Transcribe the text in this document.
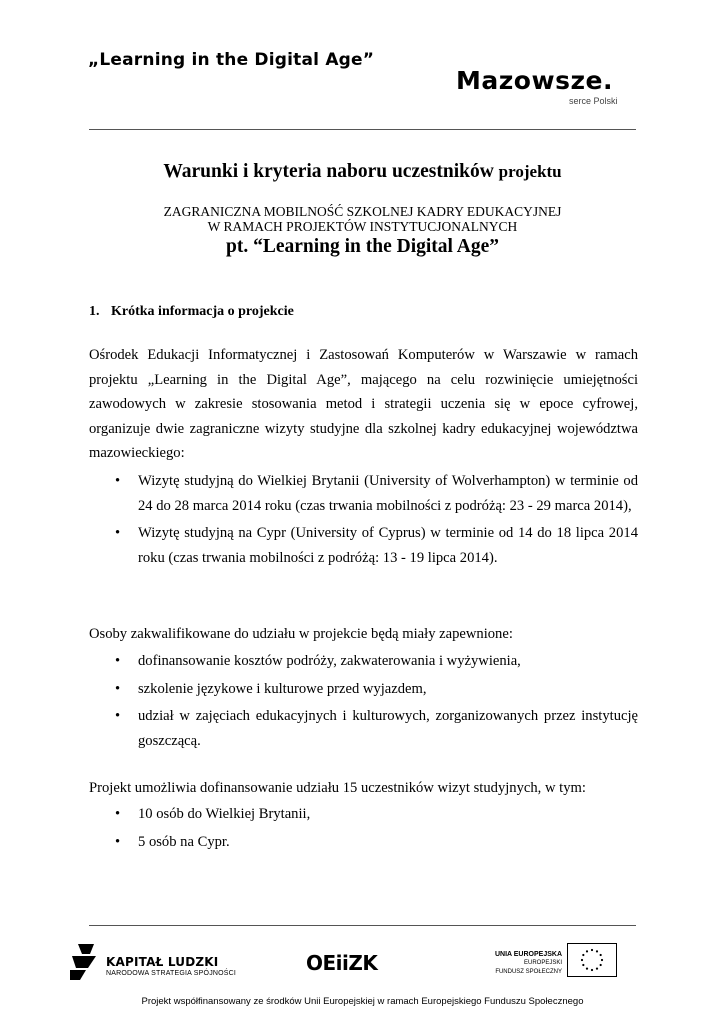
„Learning in the Digital Age”
Mazowsze.
serce Polski
Warunki i kryteria naboru uczestników projektu
ZAGRANICZNA MOBILNOŚĆ SZKOLNEJ KADRY EDUKACYJNEJ
W RAMACH PROJEKTÓW INSTYTUCJONALNYCH
pt. “Learning in the Digital Age”
1. Krótka informacja o projekcie
Ośrodek Edukacji Informatycznej i Zastosowań Komputerów w Warszawie w ramach projektu „Learning in the Digital Age”, mającego na celu rozwinięcie umiejętności zawodowych w zakresie stosowania metod i strategii uczenia się w epoce cyfrowej, organizuje dwie zagraniczne wizyty studyjne dla szkolnej kadry edukacyjnej województwa mazowieckiego:
• Wizytę studyjną do Wielkiej Brytanii (University of Wolverhampton) w terminie od 24 do 28 marca 2014 roku (czas trwania mobilności z podróżą: 23 - 29 marca 2014),
• Wizytę studyjną na Cypr (University of Cyprus) w terminie od 14 do 18 lipca 2014 roku (czas trwania mobilności z podróżą: 13 - 19 lipca 2014).
Osoby zakwalifikowane do udziału w projekcie będą miały zapewnione:
• dofinansowanie kosztów podróży, zakwaterowania i wyżywienia,
• szkolenie językowe i kulturowe przed wyjazdem,
• udział w zajęciach edukacyjnych i kulturowych, zorganizowanych przez instytucję goszczącą.
Projekt umożliwia dofinansowanie udziału 15 uczestników wizyt studyjnych, w tym:
• 10 osób do Wielkiej Brytanii,
• 5 osób na Cypr.
KAPITAŁ LUDZKI
NARODOWA STRATEGIA SPÓJNOŚCI	OEiiZK	UNIA EUROPEJSKA
EUROPEJSKI
FUNDUSZ SPOŁECZNY
Projekt współfinansowany ze środków Unii Europejskiej w ramach Europejskiego Funduszu Społecznego
